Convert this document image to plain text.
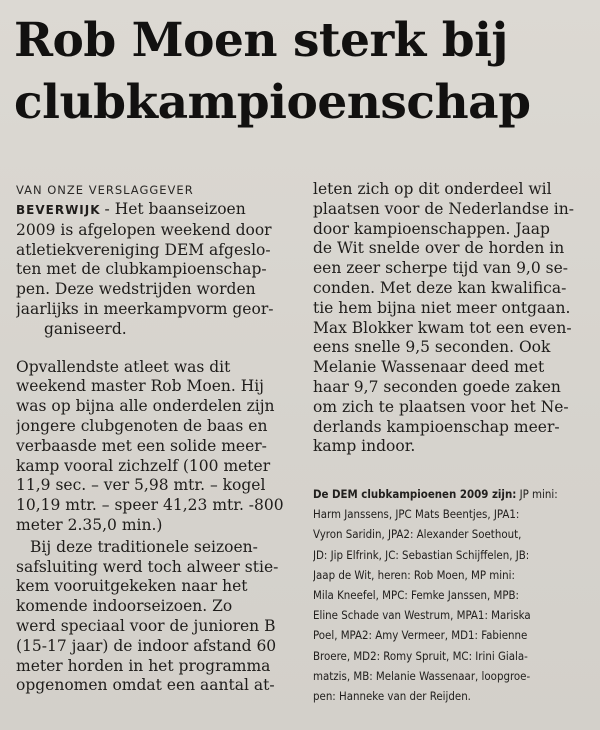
Rob Moen sterk bij
clubkampioenschap
VAN ONZE VERSLAGGEVER
BEVERWIJK - Het baanseizoen
2009 is afgelopen weekend door
atletiekvereniging DEM afgeslo-
ten met de clubkampioenschap-
pen. Deze wedstrijden worden
jaarlijks in meerkampvorm geor-
ganiseerd.
Opvallendste atleet was dit
weekend master Rob Moen. Hij
was op bijna alle onderdelen zijn
jongere clubgenoten de baas en
verbaasde met een solide meer-
kamp vooral zichzelf (100 meter
11,9 sec. – ver 5,98 mtr. – kogel
10,19 mtr. – speer 41,23 mtr. -800
meter 2.35,0 min.)
Bij deze traditionele seizoen-
safsluiting werd toch alweer stie-
kem vooruitgekeken naar het
komende indoorseizoen. Zo
werd speciaal voor de junioren B
(15-17 jaar) de indoor afstand 60
meter horden in het programma
opgenomen omdat een aantal at-
leten zich op dit onderdeel wil
plaatsen voor de Nederlandse in-
door kampioenschappen. Jaap
de Wit snelde over de horden in
een zeer scherpe tijd van 9,0 se-
conden. Met deze kan kwalifica-
tie hem bijna niet meer ontgaan.
Max Blokker kwam tot een even-
eens snelle 9,5 seconden. Ook
Melanie Wassenaar deed met
haar 9,7 seconden goede zaken
om zich te plaatsen voor het Ne-
derlands kampioenschap meer-
kamp indoor.
De DEM clubkampioenen 2009 zijn: JP mini:
Harm Janssens, JPC Mats Beentjes, JPA1:
Vyron Saridin, JPA2: Alexander Soethout,
JD: Jip Elfrink, JC: Sebastian Schijffelen, JB:
Jaap de Wit, heren: Rob Moen, MP mini:
Mila Kneefel, MPC: Femke Janssen, MPB:
Eline Schade van Westrum, MPA1: Mariska
Poel, MPA2: Amy Vermeer, MD1: Fabienne
Broere, MD2: Romy Spruit, MC: Irini Giala-
matzis, MB: Melanie Wassenaar, loopgroe-
pen: Hanneke van der Reijden.
